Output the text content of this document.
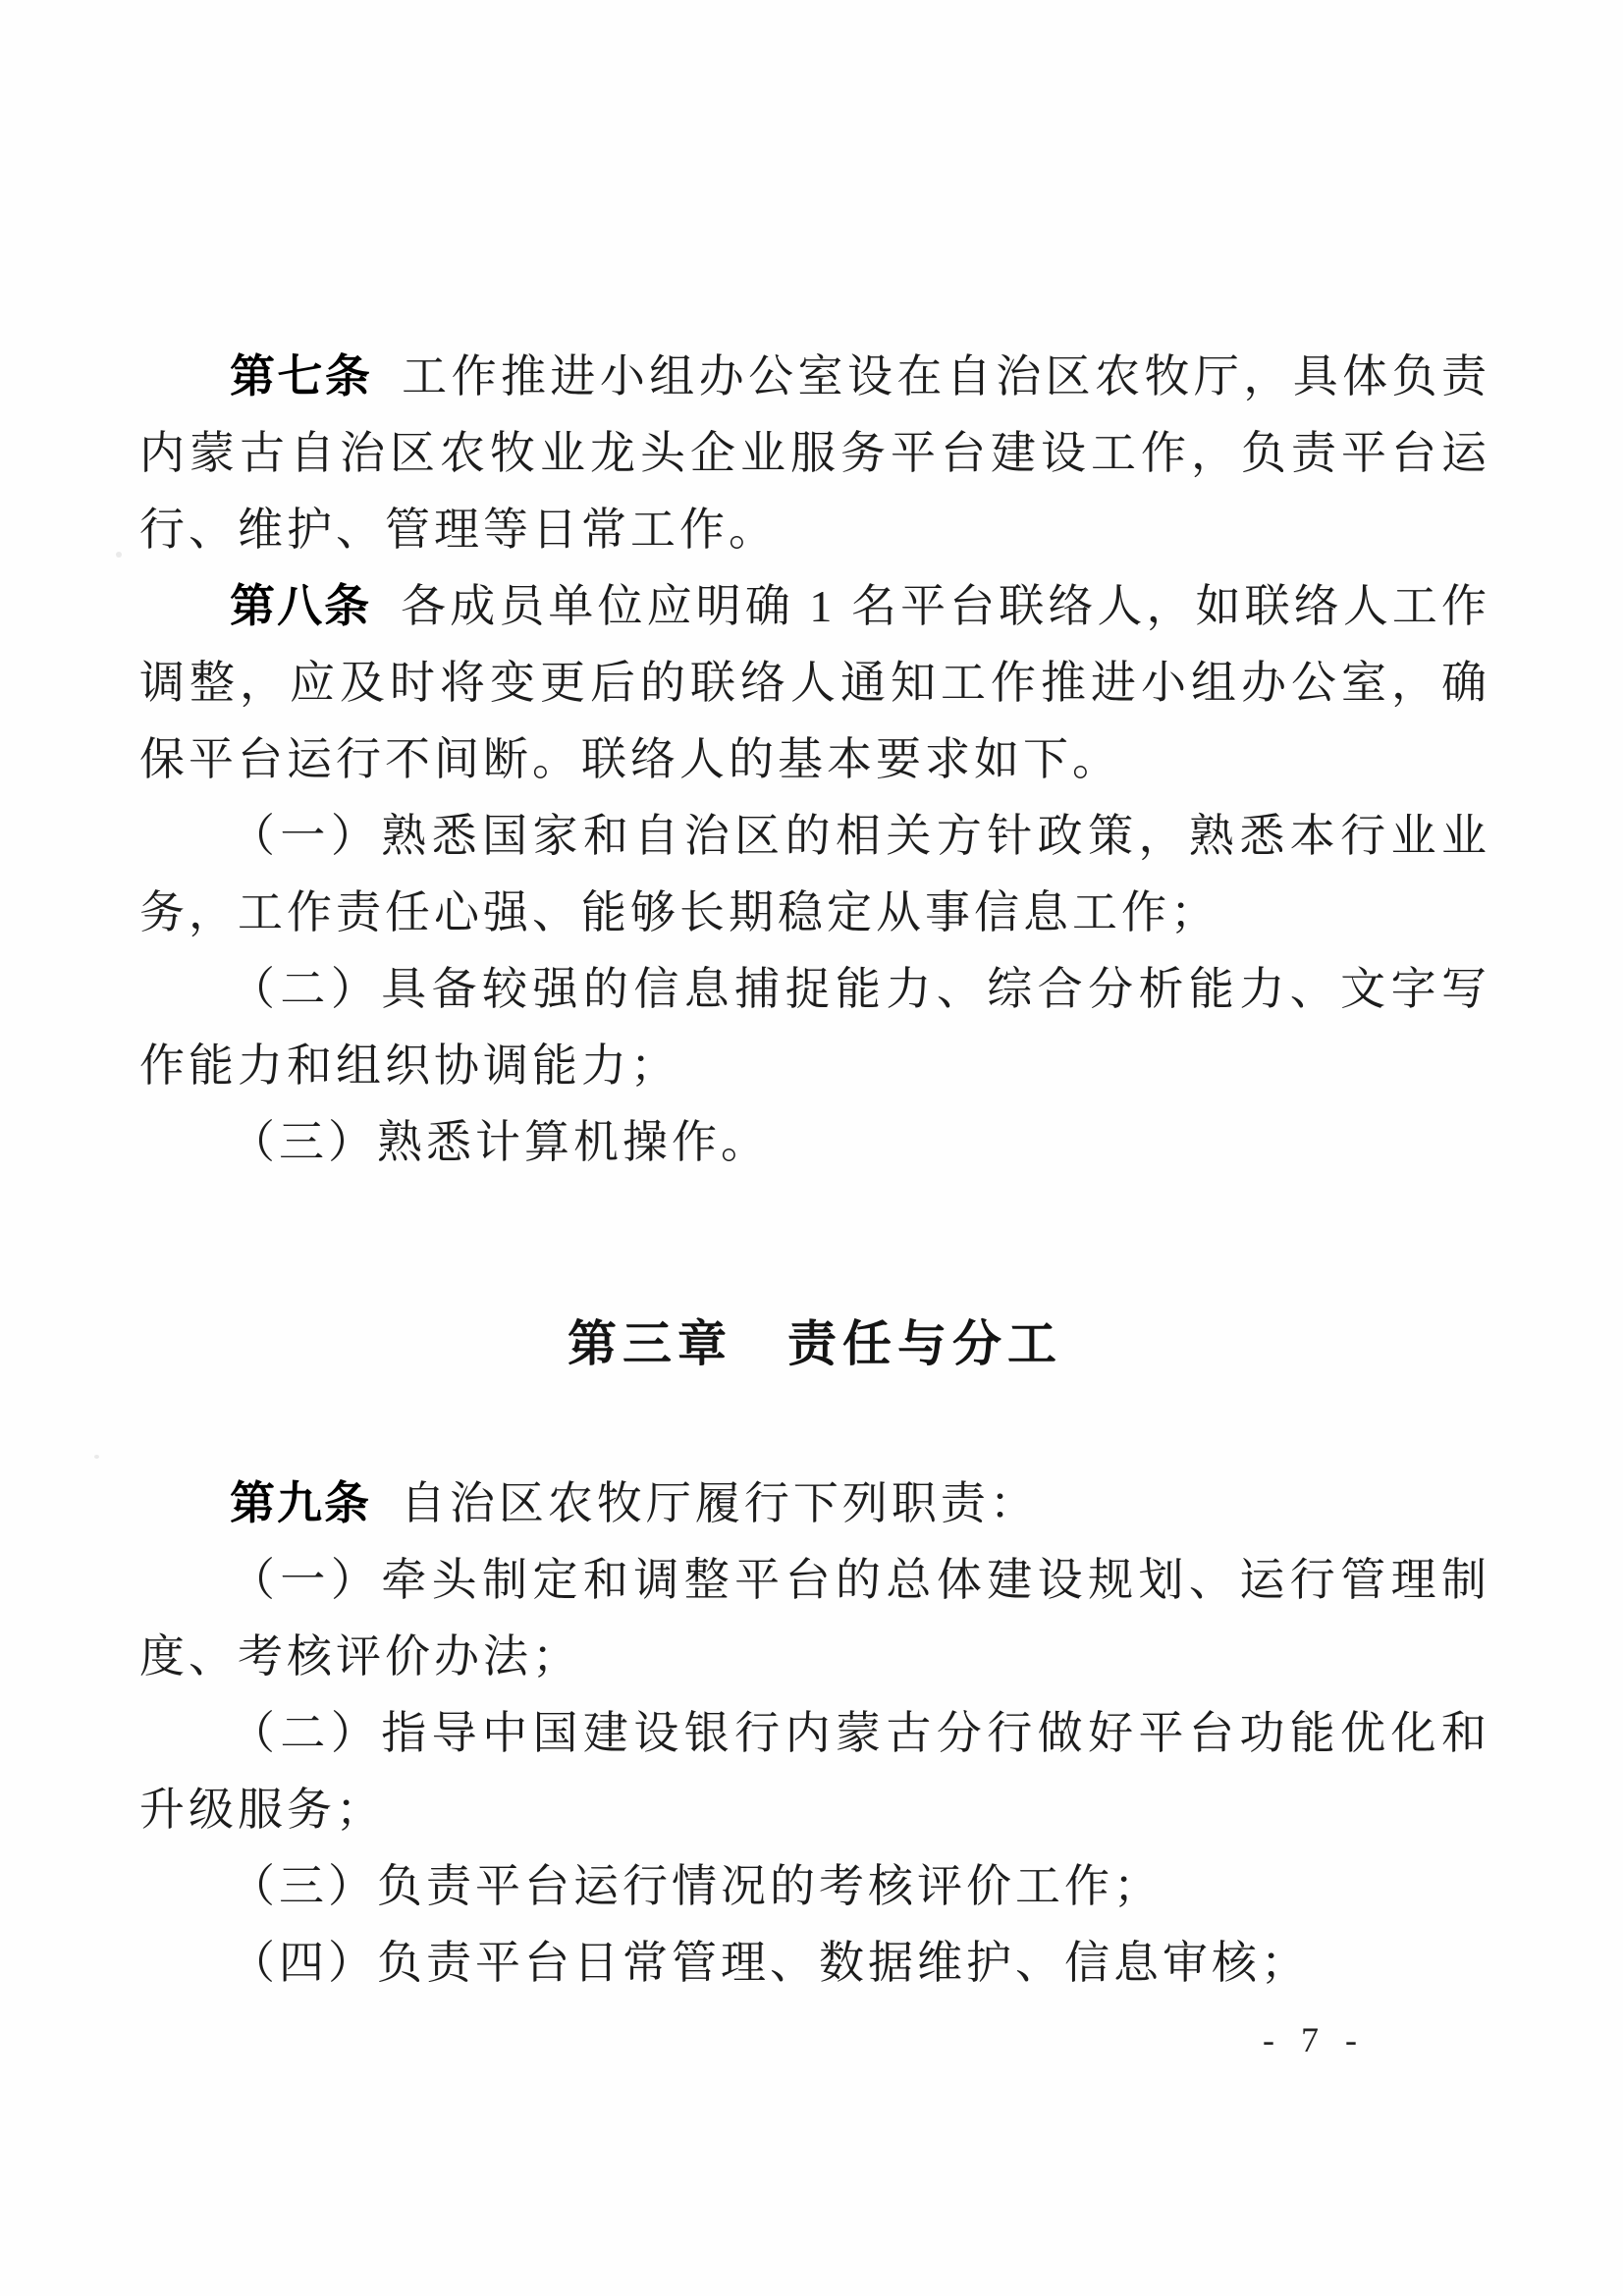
第七条 工作推进小组办公室设在自治区农牧厅，具体负责内蒙古自治区农牧业龙头企业服务平台建设工作，负责平台运行、维护、管理等日常工作。

第八条 各成员单位应明确 1 名平台联络人，如联络人工作调整，应及时将变更后的联络人通知工作推进小组办公室，确保平台运行不间断。联络人的基本要求如下。

（一）熟悉国家和自治区的相关方针政策，熟悉本行业业务，工作责任心强、能够长期稳定从事信息工作；

（二）具备较强的信息捕捉能力、综合分析能力、文字写作能力和组织协调能力；

（三）熟悉计算机操作。

第三章　责任与分工

第九条 自治区农牧厅履行下列职责：

（一）牵头制定和调整平台的总体建设规划、运行管理制度、考核评价办法；

（二）指导中国建设银行内蒙古分行做好平台功能优化和升级服务；

（三）负责平台运行情况的考核评价工作；

（四）负责平台日常管理、数据维护、信息审核；

- 7 -
